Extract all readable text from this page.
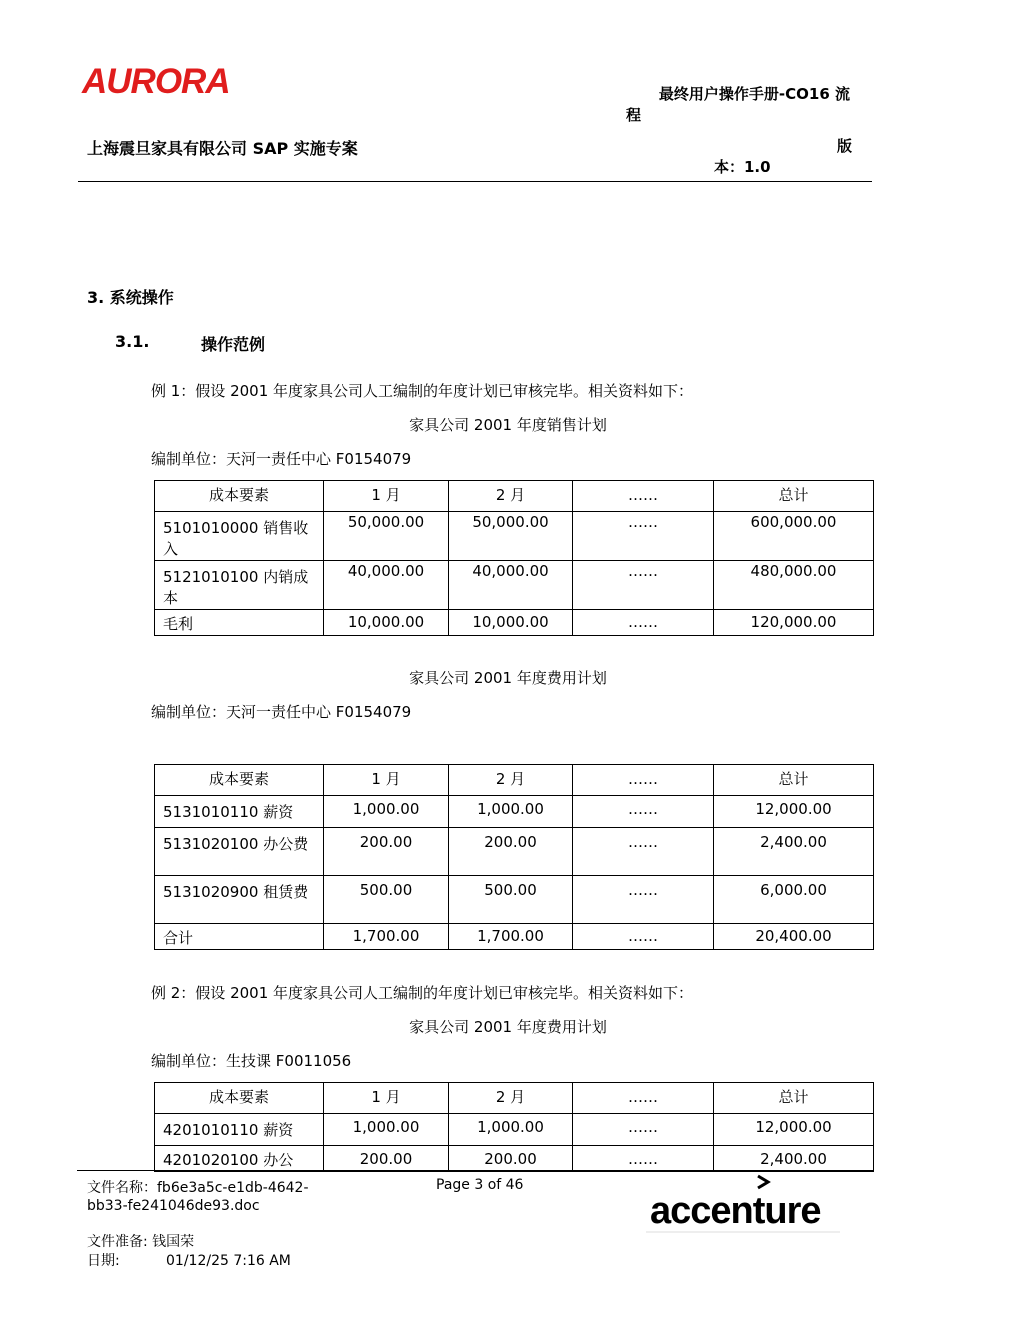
AURORA	最终用户操作手册-CO16 流
程
上海震旦家具有限公司 SAP 实施专案	版
本：1.0
3. 系统操作
3.1.	操作范例
例 1：假设 2001 年度家具公司人工编制的年度计划已审核完毕。相关资料如下：
家具公司 2001 年度销售计划
编制单位：天河一责任中心 F0154079
成本要素	1 月	2 月	……	总计
5101010000 销售收入	50,000.00	50,000.00	……	600,000.00
5121010100 内销成本	40,000.00	40,000.00	……	480,000.00
毛利	10,000.00	10,000.00	……	120,000.00
家具公司 2001 年度费用计划
编制单位：天河一责任中心 F0154079
成本要素	1 月	2 月	……	总计
5131010110 薪资	1,000.00	1,000.00	……	12,000.00
5131020100 办公费	200.00	200.00	……	2,400.00
5131020900 租赁费	500.00	500.00	……	6,000.00
合计	1,700.00	1,700.00	……	20,400.00
例 2：假设 2001 年度家具公司人工编制的年度计划已审核完毕。相关资料如下：
家具公司 2001 年度费用计划
编制单位：生技课 F0011056
成本要素	1 月	2 月	……	总计
4201010110 薪资	1,000.00	1,000.00	……	12,000.00
4201020100 办公	200.00	200.00	……	2,400.00
文件名称：fb6e3a5c-e1db-4642-
bb33-fe241046de93.doc
Page 3 of 46
文件准备: 钱国荣
日期:	01/12/25 7:16 AM
accenture
